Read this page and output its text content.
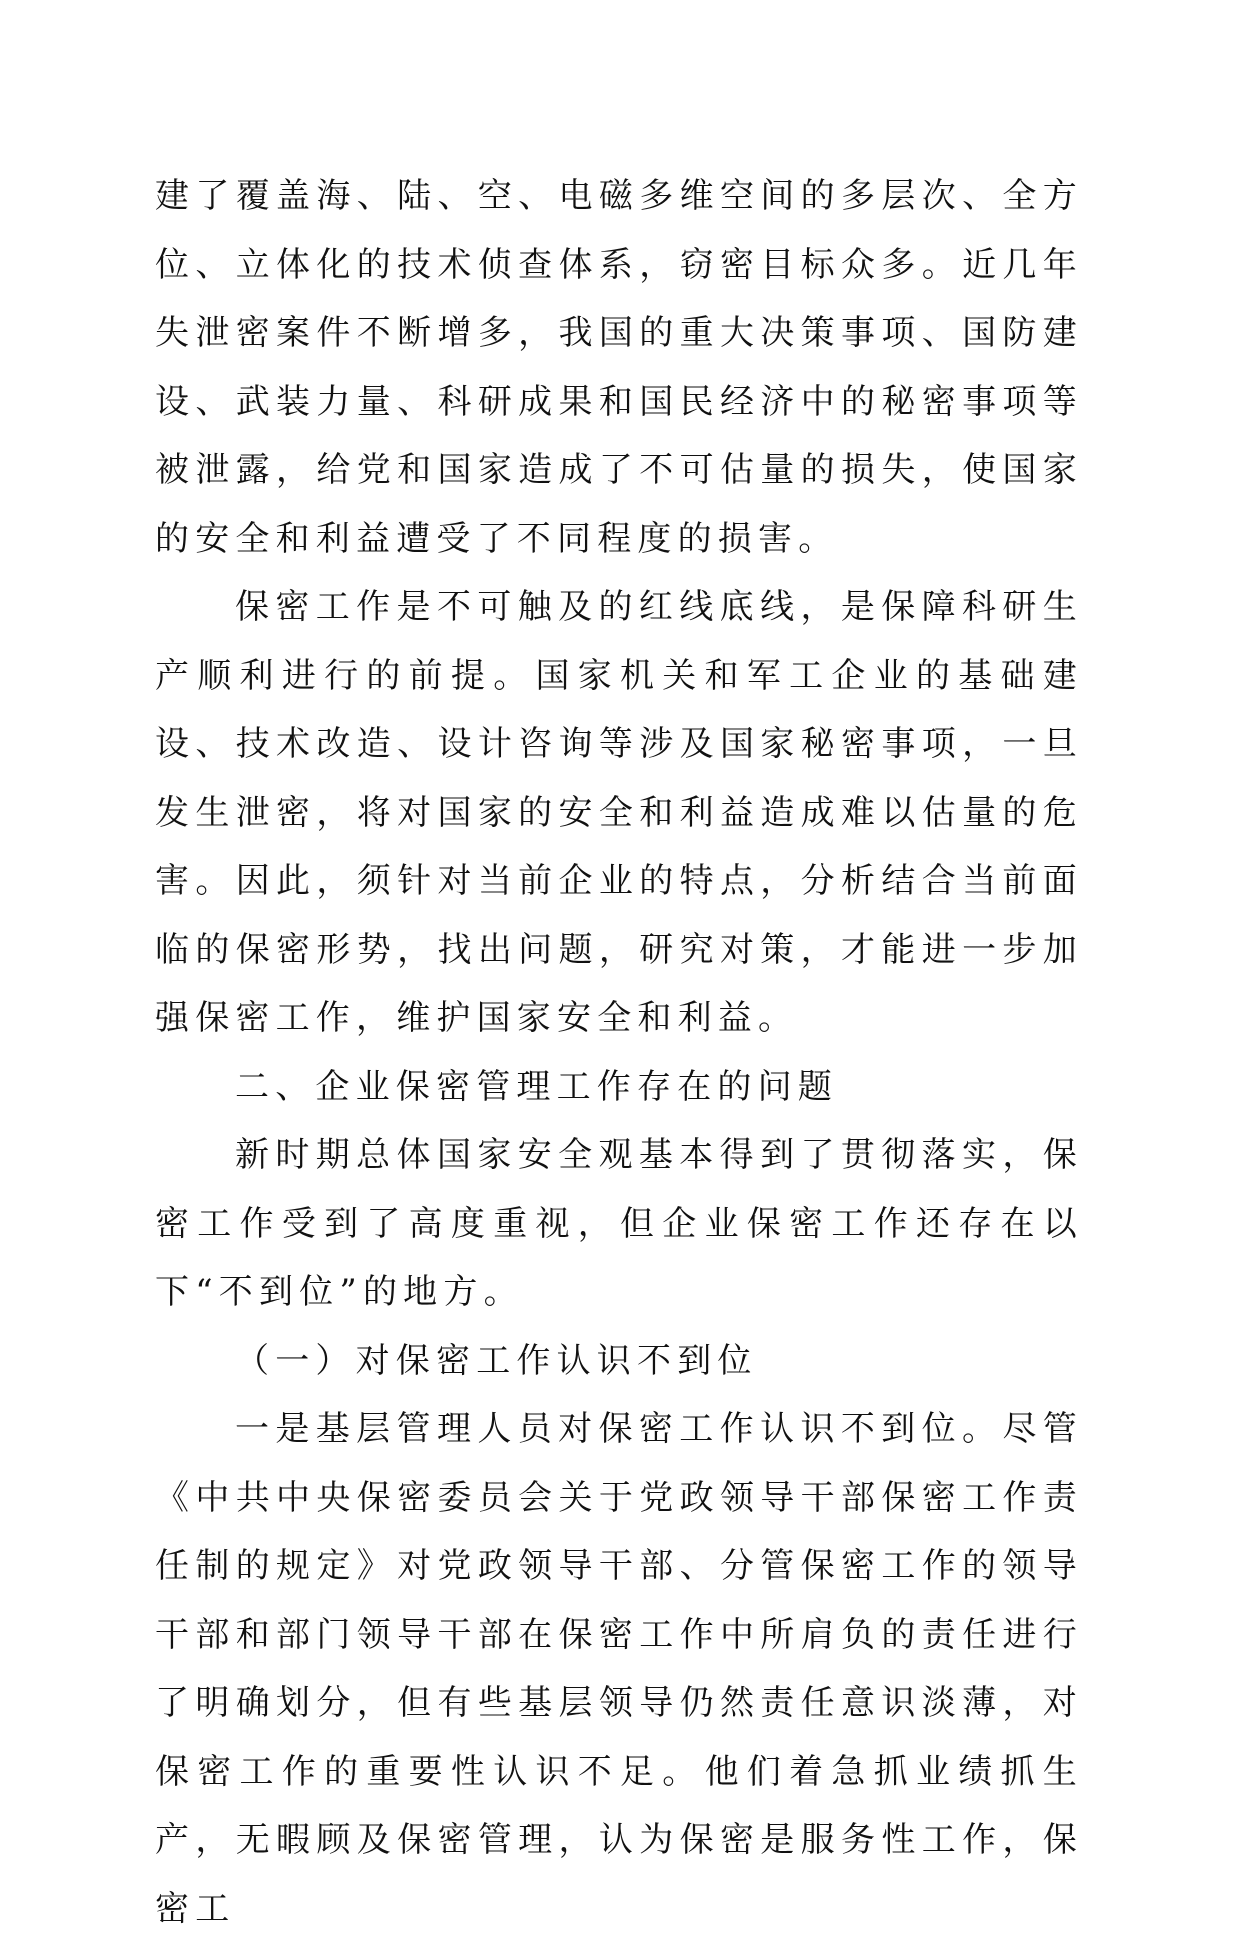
建了覆盖海、陆、空、电磁多维空间的多层次、全方位、立体化的技术侦查体系，窃密目标众多。近几年失泄密案件不断增多，我国的重大决策事项、国防建设、武装力量、科研成果和国民经济中的秘密事项等被泄露，给党和国家造成了不可估量的损失，使国家的安全和利益遭受了不同程度的损害。

保密工作是不可触及的红线底线，是保障科研生产顺利进行的前提。国家机关和军工企业的基础建设、技术改造、设计咨询等涉及国家秘密事项，一旦发生泄密，将对国家的安全和利益造成难以估量的危害。因此，须针对当前企业的特点，分析结合当前面临的保密形势，找出问题，研究对策，才能进一步加强保密工作，维护国家安全和利益。

二、企业保密管理工作存在的问题

新时期总体国家安全观基本得到了贯彻落实，保密工作受到了高度重视，但企业保密工作还存在以下“不到位”的地方。

（一）对保密工作认识不到位

一是基层管理人员对保密工作认识不到位。尽管《中共中央保密委员会关于党政领导干部保密工作责任制的规定》对党政领导干部、分管保密工作的领导干部和部门领导干部在保密工作中所肩负的责任进行了明确划分，但有些基层领导仍然责任意识淡薄，对保密工作的重要性认识不足。他们着急抓业绩抓生产，无暇顾及保密管理，认为保密是服务性工作，保密工
